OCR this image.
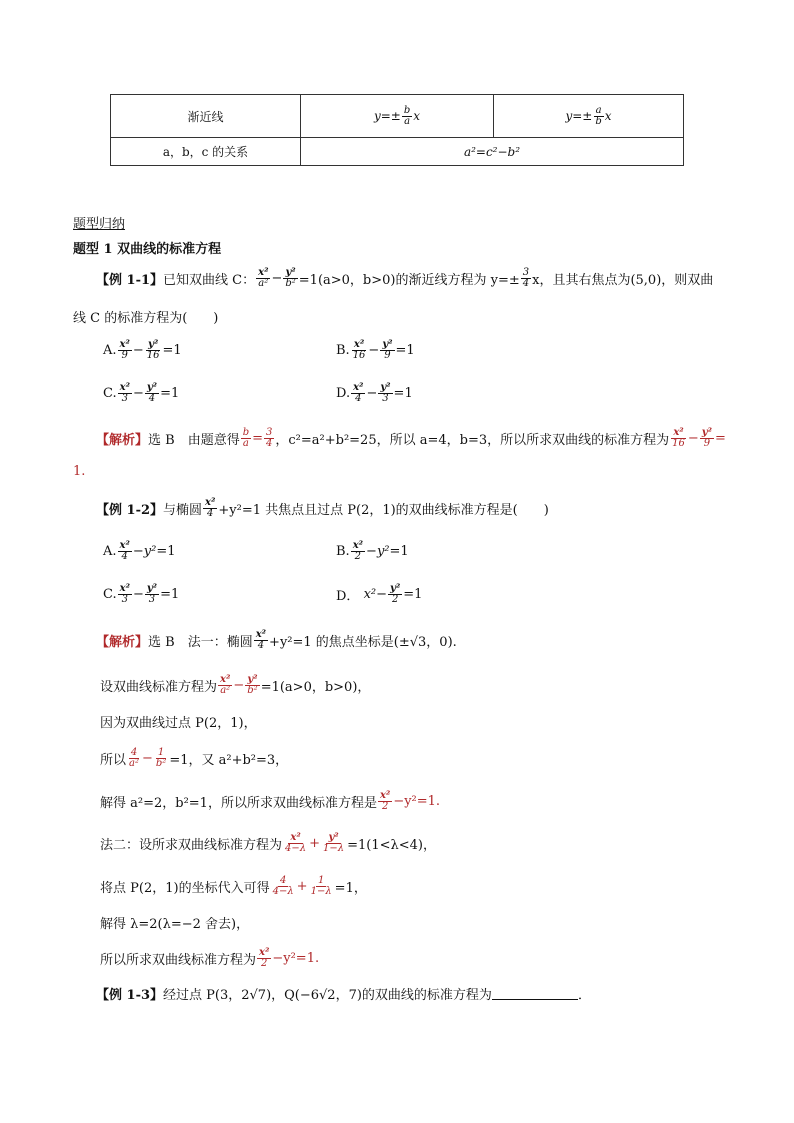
渐近线	$y=\pm \frac{b}{a}$ x	$y=\pm \frac{a}{b}$ x
a，b，c 的关系	a²=c²−b²	
题型归纳
题型 1 双曲线的标准方程
【例 1-1】 已知双曲线 C： $\frac{\text{x²}}{\text{a²}} - \frac{\text{y²}}{\text{b²}} =1(a>0$，b>0)的渐近线方程为 $y=\pm \frac{3}{4}$ x，且其右焦点为(5,0)，则双曲
线 C 的标准方程为(　　)
A. $\frac{\text{x²}}{9} - \frac{\text{y²}}{16} =1$	B. $\frac{\text{x²}}{16} - \frac{\text{y²}}{9} =1$
C. $\frac{\text{x²}}{3} - \frac{\text{y²}}{4} =1$	D. $\frac{\text{x²}}{4} - \frac{\text{y²}}{3} =1$
【解析】 选 B　由题意得 $\frac{b}{a} = \frac{3}{4}$ ，c²=a²+b²=25，所以 a=4，b=3，所以所求双曲线的标准方程为 $\frac{\text{x²}}{16} - \frac{\text{y²}}{9}$ =
1.
【例 1-2】 与椭圆 $\frac{\text{x²}}{4} +y^2=1$ 共焦点且过点 P(2，1)的双曲线标准方程是(　　)
A. $\frac{\text{x²}}{4} - y^2 =1$	B. $\frac{\text{x²}}{2} - y^2 =1$
C. $\frac{\text{x²}}{3} - \frac{\text{y²}}{3} =1$	D．
$x^2 - \frac{\text{y²}}{2} =1$
【解析】 选 B　法一：椭圆 $\frac{\text{x²}}{4} +y^2=1$ 的焦点坐标是(±√3，0).
设双曲线标准方程为 $\frac{\text{x²}}{\text{a²}} - \frac{\text{y²}}{\text{b²}} =1(a>0$，b>0)，
因为双曲线过点 P(2，1)，
所以 $\frac{4}{\text{a²}} - \frac{1}{\text{b²}} =1$，又 a²+b²=3，
解得 a²=2，b²=1，所以所求双曲线标准方程是 $\frac{\text{x²}}{2} -y^2=1$.
法二：设所求双曲线标准方程为 $\frac{\text{x²}}{4-\lambda} + \frac{\text{y²}}{1-\lambda} =1(1<\lambda<4)$，
将点 P(2，1)的坐标代入可得 $\frac{4}{4-\lambda} + \frac{1}{1-\lambda} =1$，
解得 λ=2(λ=−2 舍去)，
所以所求双曲线标准方程为 $\frac{\text{x²}}{2} -y^2=1$.
【例 1-3】 经过点 P(3，2√7)，Q(−6√2，7)的双曲线的标准方程为	．
